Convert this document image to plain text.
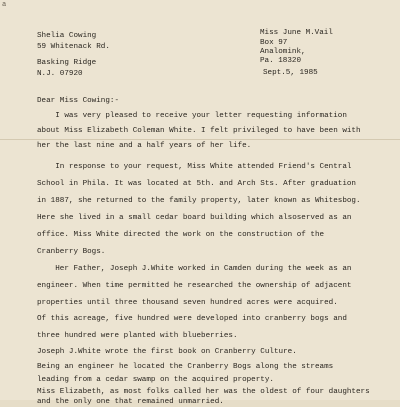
a
Shelia Cowing
59 Whitenack Rd.
Basking Ridge
N.J. 07920
Miss June M.Vail
Box 97
Analomink,
Pa. 18320
Sept.5, 1985
Dear Miss Cowing:-
I was very pleased to receive your letter requesting information
about Miss Elizabeth Coleman White. I felt privileged to have been with
her the last nine and a half years of her life.
In response to your request, Miss White attended Friend's Central
School in Phila. It was located at 5th. and Arch Sts. After graduation
in 1887, she returned to the family property, later known as Whitesbog.
Here she lived in a small cedar board building which alsoserved as an
office. Miss White directed the work on the construction of the
Cranberry Bogs.
Her Father, Joseph J.White worked in Camden during the week as an
engineer. When time permitted he researched the ownership of adjacent
properties until three thousand seven hundred acres were acquired.
Of this acreage, five hundred were developed into cranberry bogs and
three hundred were planted with blueberries.
Joseph J.White wrote the first book on Cranberry Culture.
Being an engineer he located the Cranberry Bogs along the streams
leading from a cedar swamp on the acquired property.
Miss Elizabeth, as most folks called her was the oldest of four daughters
and the only one that remained unmarried.
